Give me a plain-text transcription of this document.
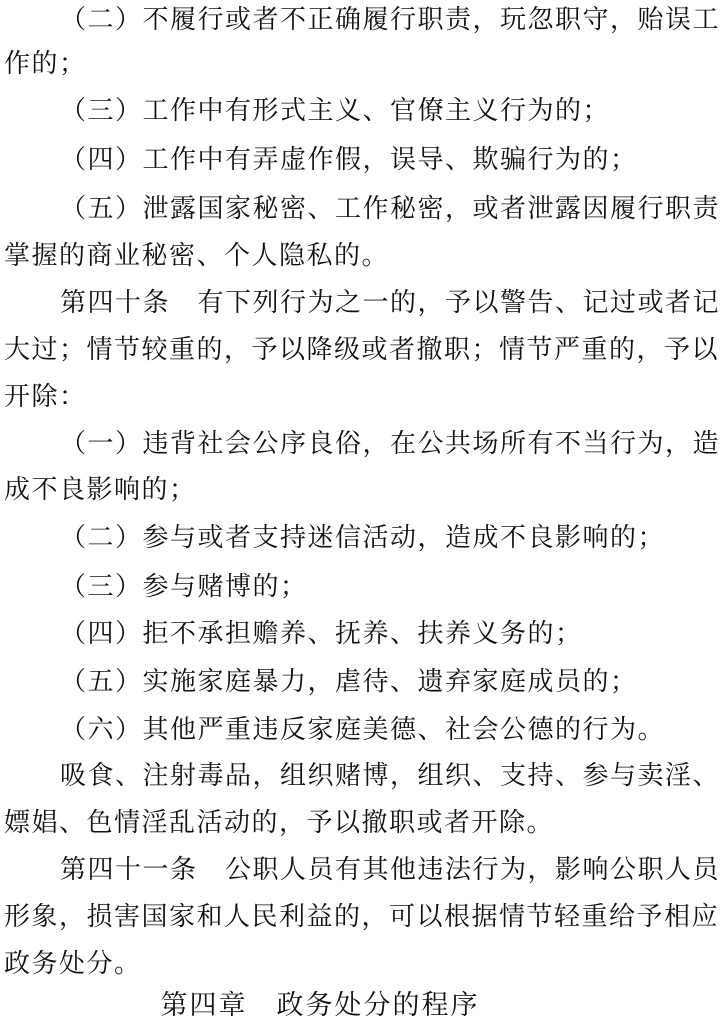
（二）不履行或者不正确履行职责，玩忽职守，贻误工
作的；
（三）工作中有形式主义、官僚主义行为的；
（四）工作中有弄虚作假，误导、欺骗行为的；
（五）泄露国家秘密、工作秘密，或者泄露因履行职责
掌握的商业秘密、个人隐私的。
第四十条　有下列行为之一的，予以警告、记过或者记
大过；情节较重的，予以降级或者撤职；情节严重的，予以
开除：
（一）违背社会公序良俗，在公共场所有不当行为，造
成不良影响的；
（二）参与或者支持迷信活动，造成不良影响的；
（三）参与赌博的；
（四）拒不承担赡养、抚养、扶养义务的；
（五）实施家庭暴力，虐待、遗弃家庭成员的；
（六）其他严重违反家庭美德、社会公德的行为。
吸食、注射毒品，组织赌博，组织、支持、参与卖淫、
嫖娼、色情淫乱活动的，予以撤职或者开除。
第四十一条　公职人员有其他违法行为，影响公职人员
形象，损害国家和人民利益的，可以根据情节轻重给予相应
政务处分。
第四章　政务处分的程序
